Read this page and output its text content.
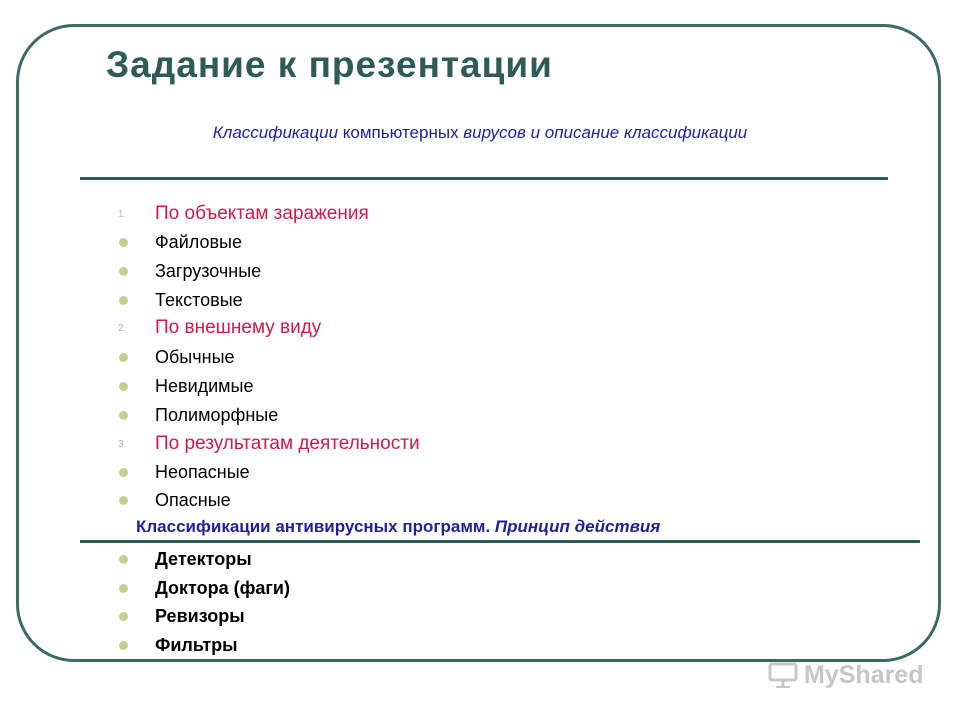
Задание к презентации
Классификации компьютерных вирусов и описание классификации
1.	По объектам заражения
Файловые
Загрузочные
Текстовые
2.	По внешнему виду
Обычные
Невидимые
Полиморфные
3.	По результатам деятельности
Неопасные
Опасные
Классификации антивирусных программ. Принцип действия
Детекторы
Доктора (фаги)
Ревизоры
Фильтры
MyShared
